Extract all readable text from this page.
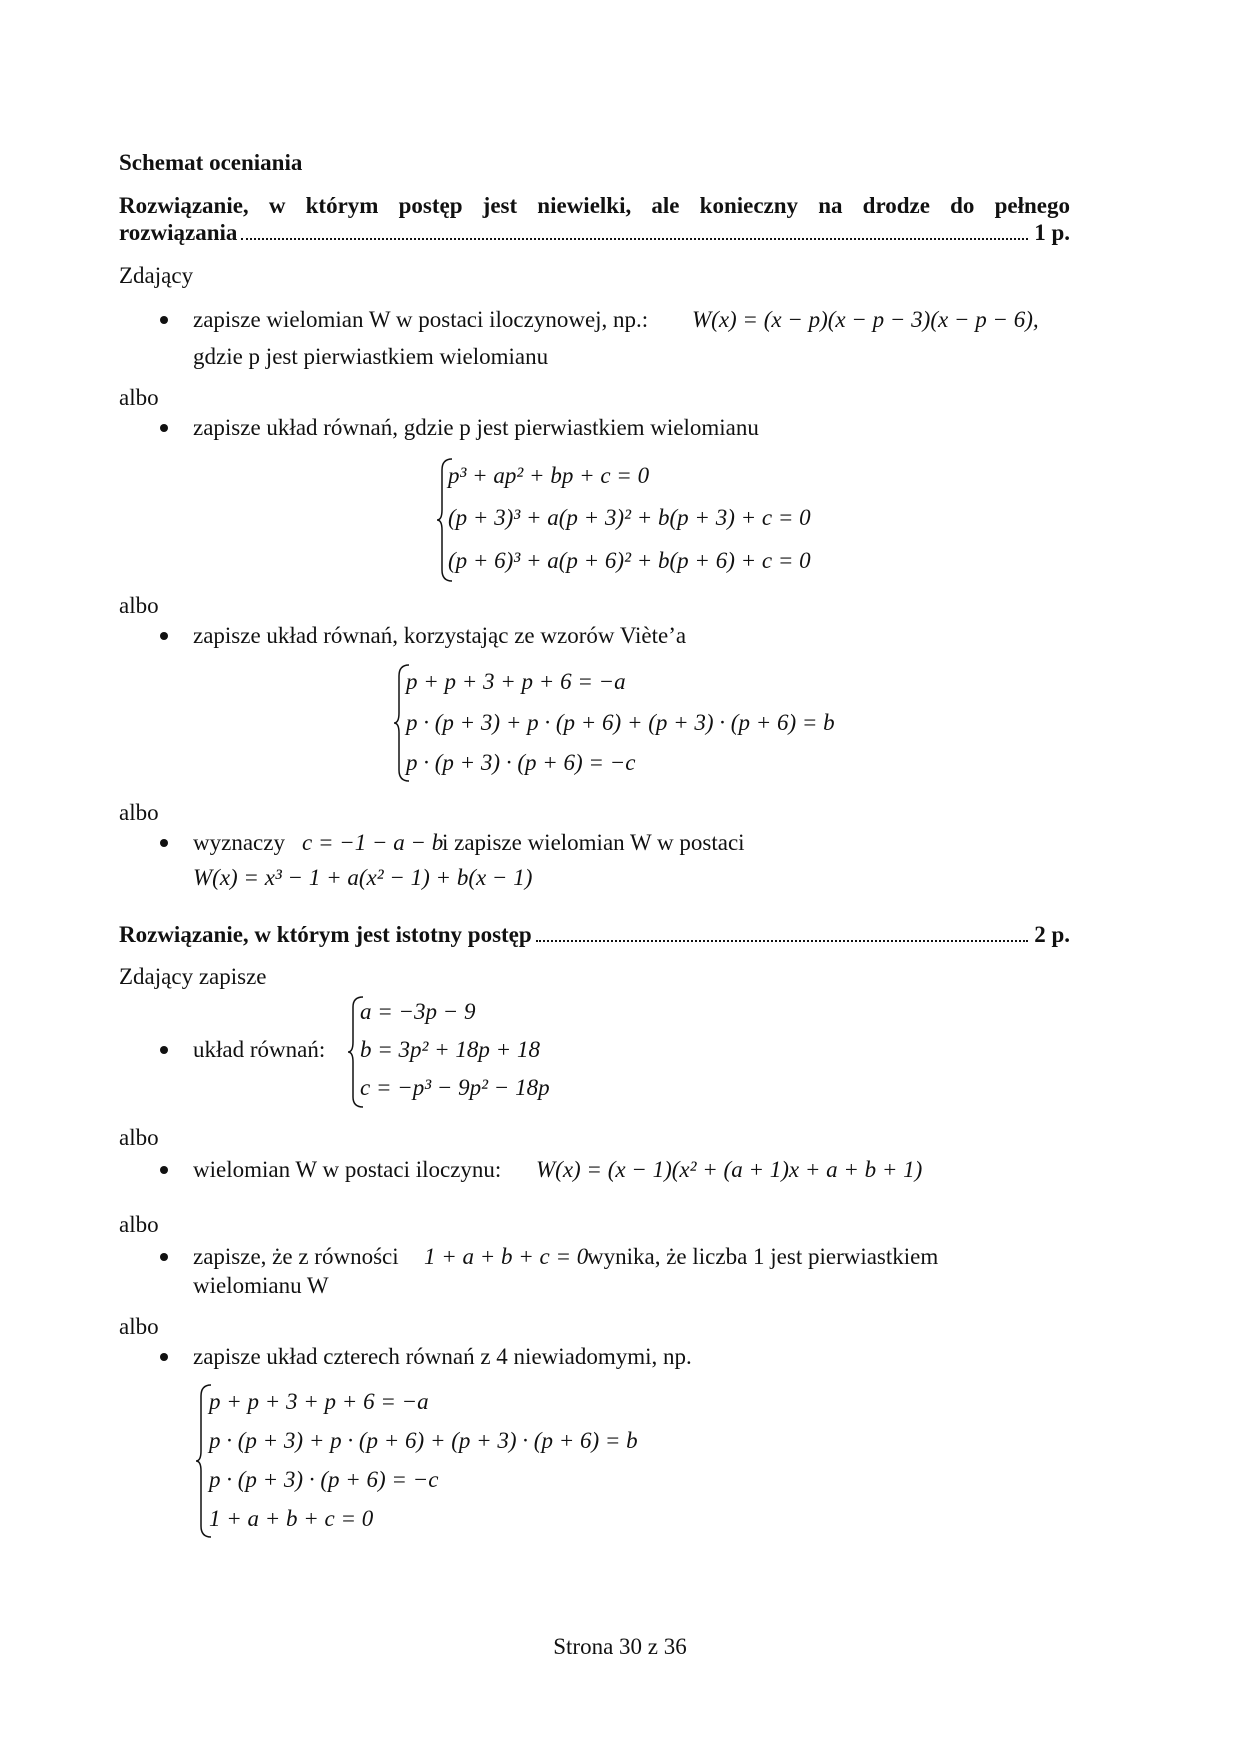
Schemat oceniania
Rozwiązanie, w którym postęp jest niewielki, ale konieczny na drodze do pełnego
rozwiązania	1 p.
Zdający
zapisze wielomian W w postaci iloczynowej, np.: W(x) = (x − p)(x − p − 3)(x − p − 6),
gdzie p jest pierwiastkiem wielomianu
albo
zapisze układ równań, gdzie p jest pierwiastkiem wielomianu
p³ + ap² + bp + c = 0
(p + 3)³ + a(p + 3)² + b(p + 3) + c = 0
(p + 6)³ + a(p + 6)² + b(p + 6) + c = 0
albo
zapisze układ równań, korzystając ze wzorów Viète’a
p + p + 3 + p + 6 = −a
p · (p + 3) + p · (p + 6) + (p + 3) · (p + 6) = b
p · (p + 3) · (p + 6) = −c
albo
wyznaczy c = −1 − a − b
i zapisze wielomian W w postaci
W(x) = x³ − 1 + a(x² − 1) + b(x − 1)
Rozwiązanie, w którym jest istotny postęp	2 p.
Zdający zapisze
układ równań:
a = −3p − 9
b = 3p² + 18p + 18
c = −p³ − 9p² − 18p
albo
wielomian W w postaci iloczynu: W(x) = (x − 1)(x² + (a + 1)x + a + b + 1)
albo
zapisze, że z równości 1 + a + b + c = 0
wynika, że liczba 1 jest pierwiastkiem
wielomianu W
albo
zapisze układ czterech równań z 4 niewiadomymi, np.
p + p + 3 + p + 6 = −a
p · (p + 3) + p · (p + 6) + (p + 3) · (p + 6) = b
p · (p + 3) · (p + 6) = −c
1 + a + b + c = 0
Strona 30 z 36
